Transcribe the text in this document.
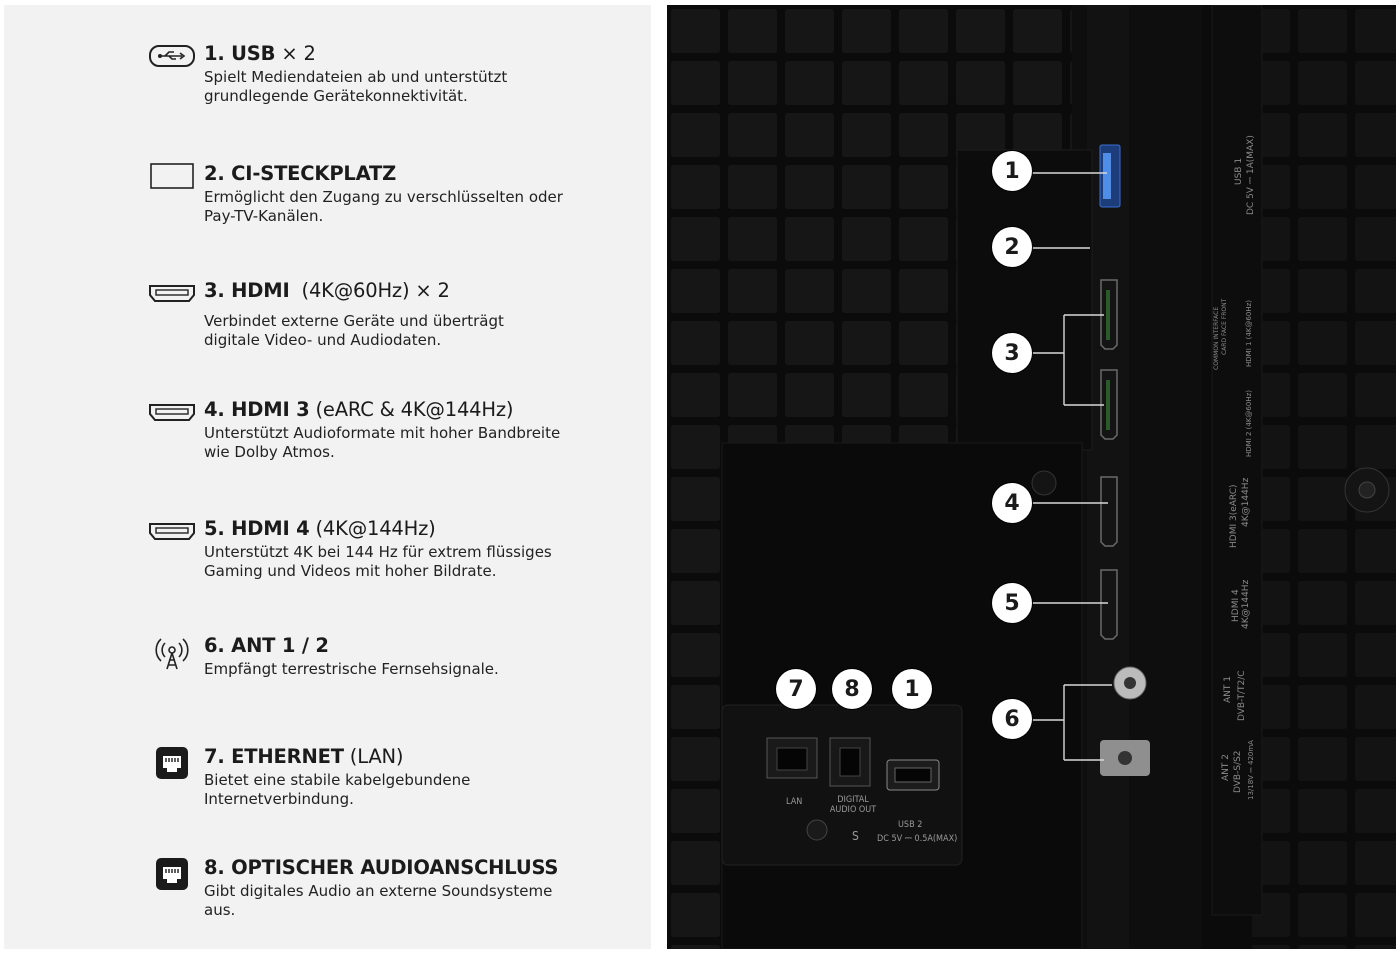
1. USB × 2
Spielt Mediendateien ab und unterstützt grundlegende Gerätekonnektivität.
2. CI-STECKPLATZ
Ermöglicht den Zugang zu verschlüsselten oder Pay-TV-Kanälen.
3. HDMI (4K@60Hz) × 2
Verbindet externe Geräte und überträgt digitale Video- und Audiodaten.
4. HDMI 3 (eARC & 4K@144Hz)
Unterstützt Audioformate mit hoher Bandbreite wie Dolby Atmos.
5. HDMI 4 (4K@144Hz)
Unterstützt 4K bei 144 Hz für extrem flüssiges Gaming und Videos mit hoher Bildrate.
6. ANT 1 / 2
Empfängt terrestrische Fernsehsignale.
7. ETHERNET (LAN)
Bietet eine stabile kabelgebundene Internetverbindung.
8. OPTISCHER AUDIOANSCHLUSS
Gibt digitales Audio an externe Soundsysteme aus.
1
2
3
4
5
6
7	8	1
LAN	DIGITAL AUDIO OUT
USB 2
DC 5V ⎓ 0.5A(MAX)
S
USB 1 DC 5V ⎓ 1A(MAX)
COMMON INTERFACE CARD FACE FRONT HDMI 1 (4K@60Hz)
HDMI 2 (4K@60Hz)
HDMI 3(eARC) 4K@144Hz
HDMI 4 4K@144Hz
ANT 1 DVB-T/T2/C
ANT 2 DVB-S/S2 13/18V ⎓ 420mA
